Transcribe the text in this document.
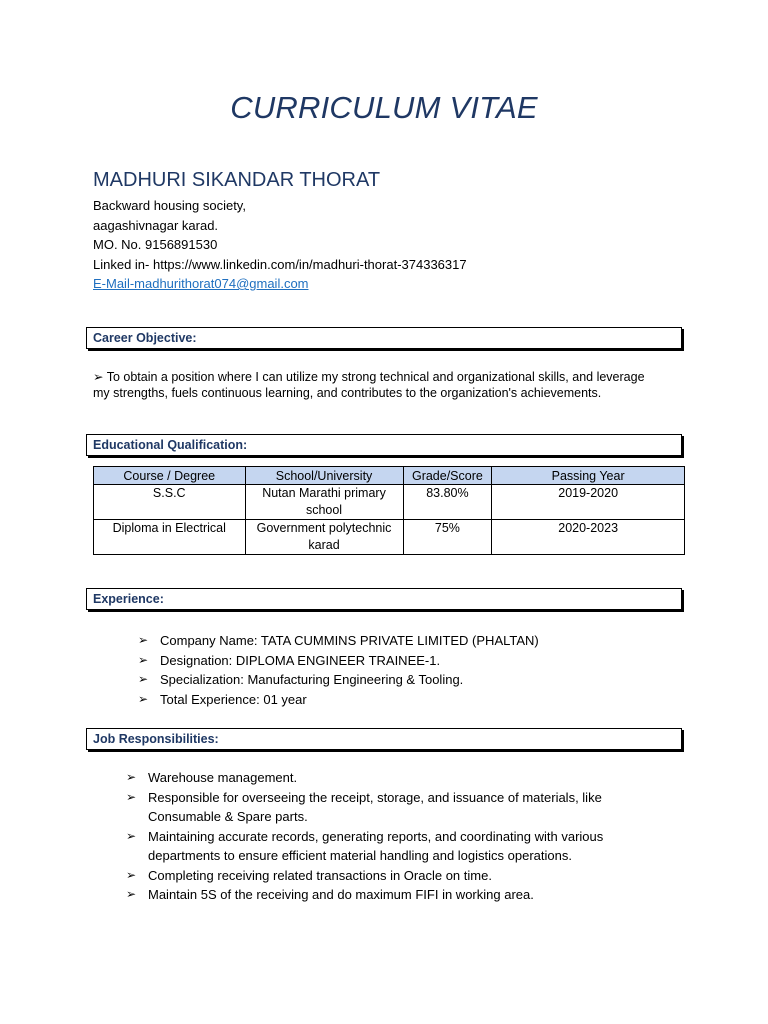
CURRICULUM VITAE
MADHURI SIKANDAR THORAT
Backward housing society,
aagashivnagar karad.
MO. No. 9156891530
Linked in- https://www.linkedin.com/in/madhuri-thorat-374336317
E-Mail-madhurithorat074@gmail.com
Career Objective:
➢ To obtain a position where I can utilize my strong technical and organizational skills, and leverage my strengths, fuels continuous learning, and contributes to the organization's achievements.
Educational Qualification:
Course / Degree	School/University	Grade/Score	Passing Year
S.S.C	Nutan Marathi primary school	83.80%	2019-2020
Diploma in Electrical	Government polytechnic karad	75%	2020-2023
Experience:
➢ Company Name: TATA CUMMINS PRIVATE LIMITED (PHALTAN)
➢ Designation: DIPLOMA ENGINEER TRAINEE-1.
➢ Specialization: Manufacturing Engineering & Tooling.
➢ Total Experience: 01 year
Job Responsibilities:
➢ Warehouse management.
➢ Responsible for overseeing the receipt, storage, and issuance of materials, like Consumable & Spare parts.
➢ Maintaining accurate records, generating reports, and coordinating with various departments to ensure efficient material handling and logistics operations.
➢ Completing receiving related transactions in Oracle on time.
➢ Maintain 5S of the receiving and do maximum FIFI in working area.
